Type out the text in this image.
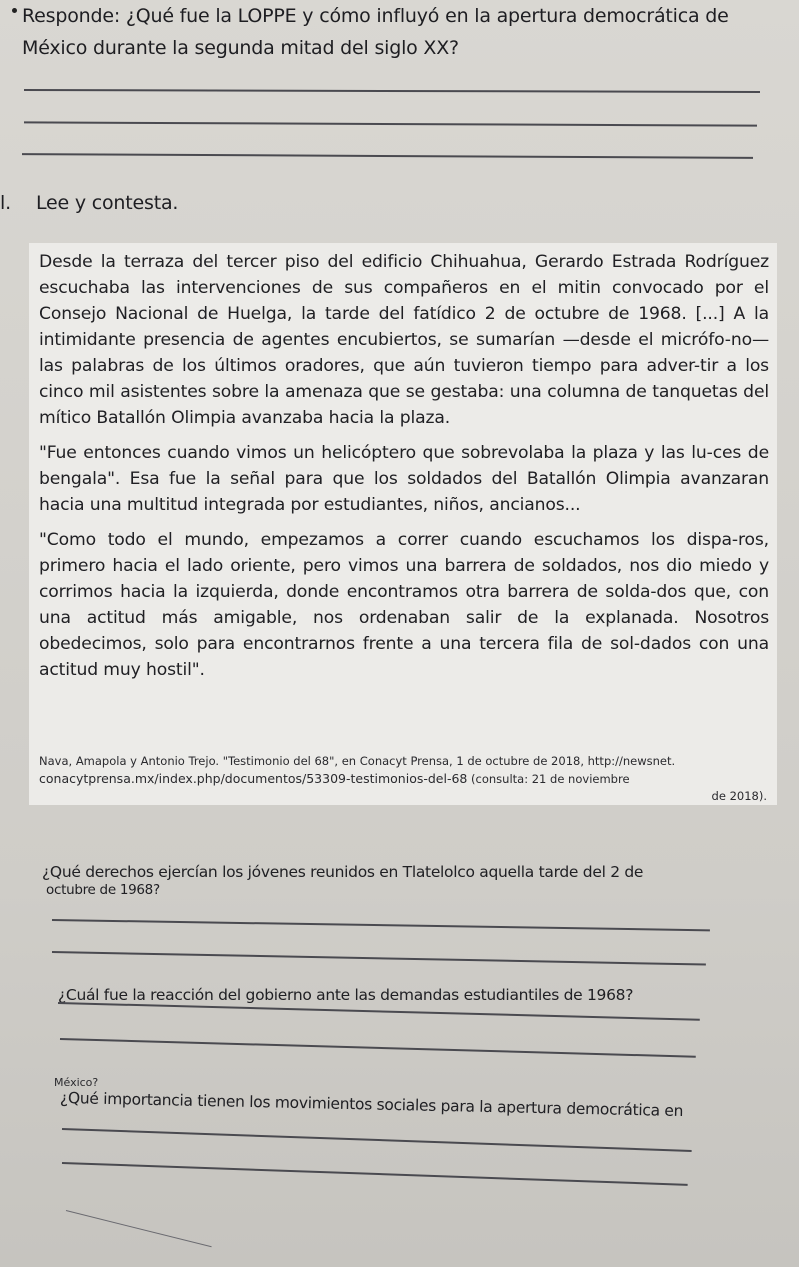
Responde: ¿Qué fue la LOPPE y cómo influyó en la apertura democrática de
México durante la segunda mitad del siglo XX?
l. Lee y contesta.

Desde la terraza del tercer piso del edificio Chihuahua, Gerardo Estrada Rodríguez escuchaba las intervenciones de sus compañeros en el mitin convocado por el Consejo Nacional de Huelga, la tarde del fatídico 2 de octubre de 1968. [...] A la intimidante presencia de agentes encubiertos, se sumarían —desde el micrófo-no— las palabras de los últimos oradores, que aún tuvieron tiempo para adver-tir a los cinco mil asistentes sobre la amenaza que se gestaba: una columna de tanquetas del mítico Batallón Olimpia avanzaba hacia la plaza.

"Fue entonces cuando vimos un helicóptero que sobrevolaba la plaza y las lu-ces de bengala". Esa fue la señal para que los soldados del Batallón Olimpia avanzaran hacia una multitud integrada por estudiantes, niños, ancianos...

"Como todo el mundo, empezamos a correr cuando escuchamos los dispa-ros, primero hacia el lado oriente, pero vimos una barrera de soldados, nos dio miedo y corrimos hacia la izquierda, donde encontramos otra barrera de solda-dos que, con una actitud más amigable, nos ordenaban salir de la explanada. Nosotros obedecimos, solo para encontrarnos frente a una tercera fila de sol-dados con una actitud muy hostil".

Nava, Amapola y Antonio Trejo. "Testimonio del 68", en Conacyt Prensa, 1 de octubre de 2018, http://newsnet.
conacytprensa.mx/index.php/documentos/53309-testimonios-del-68 (consulta: 21 de noviembre
de 2018).
¿Qué derechos ejercían los jóvenes reunidos en Tlatelolco aquella tarde del 2 de
octubre de 1968?
¿Cuál fue la reacción del gobierno ante las demandas estudiantiles de 1968?
¿Qué importancia tienen los movimientos sociales para la apertura democrática en
México?
